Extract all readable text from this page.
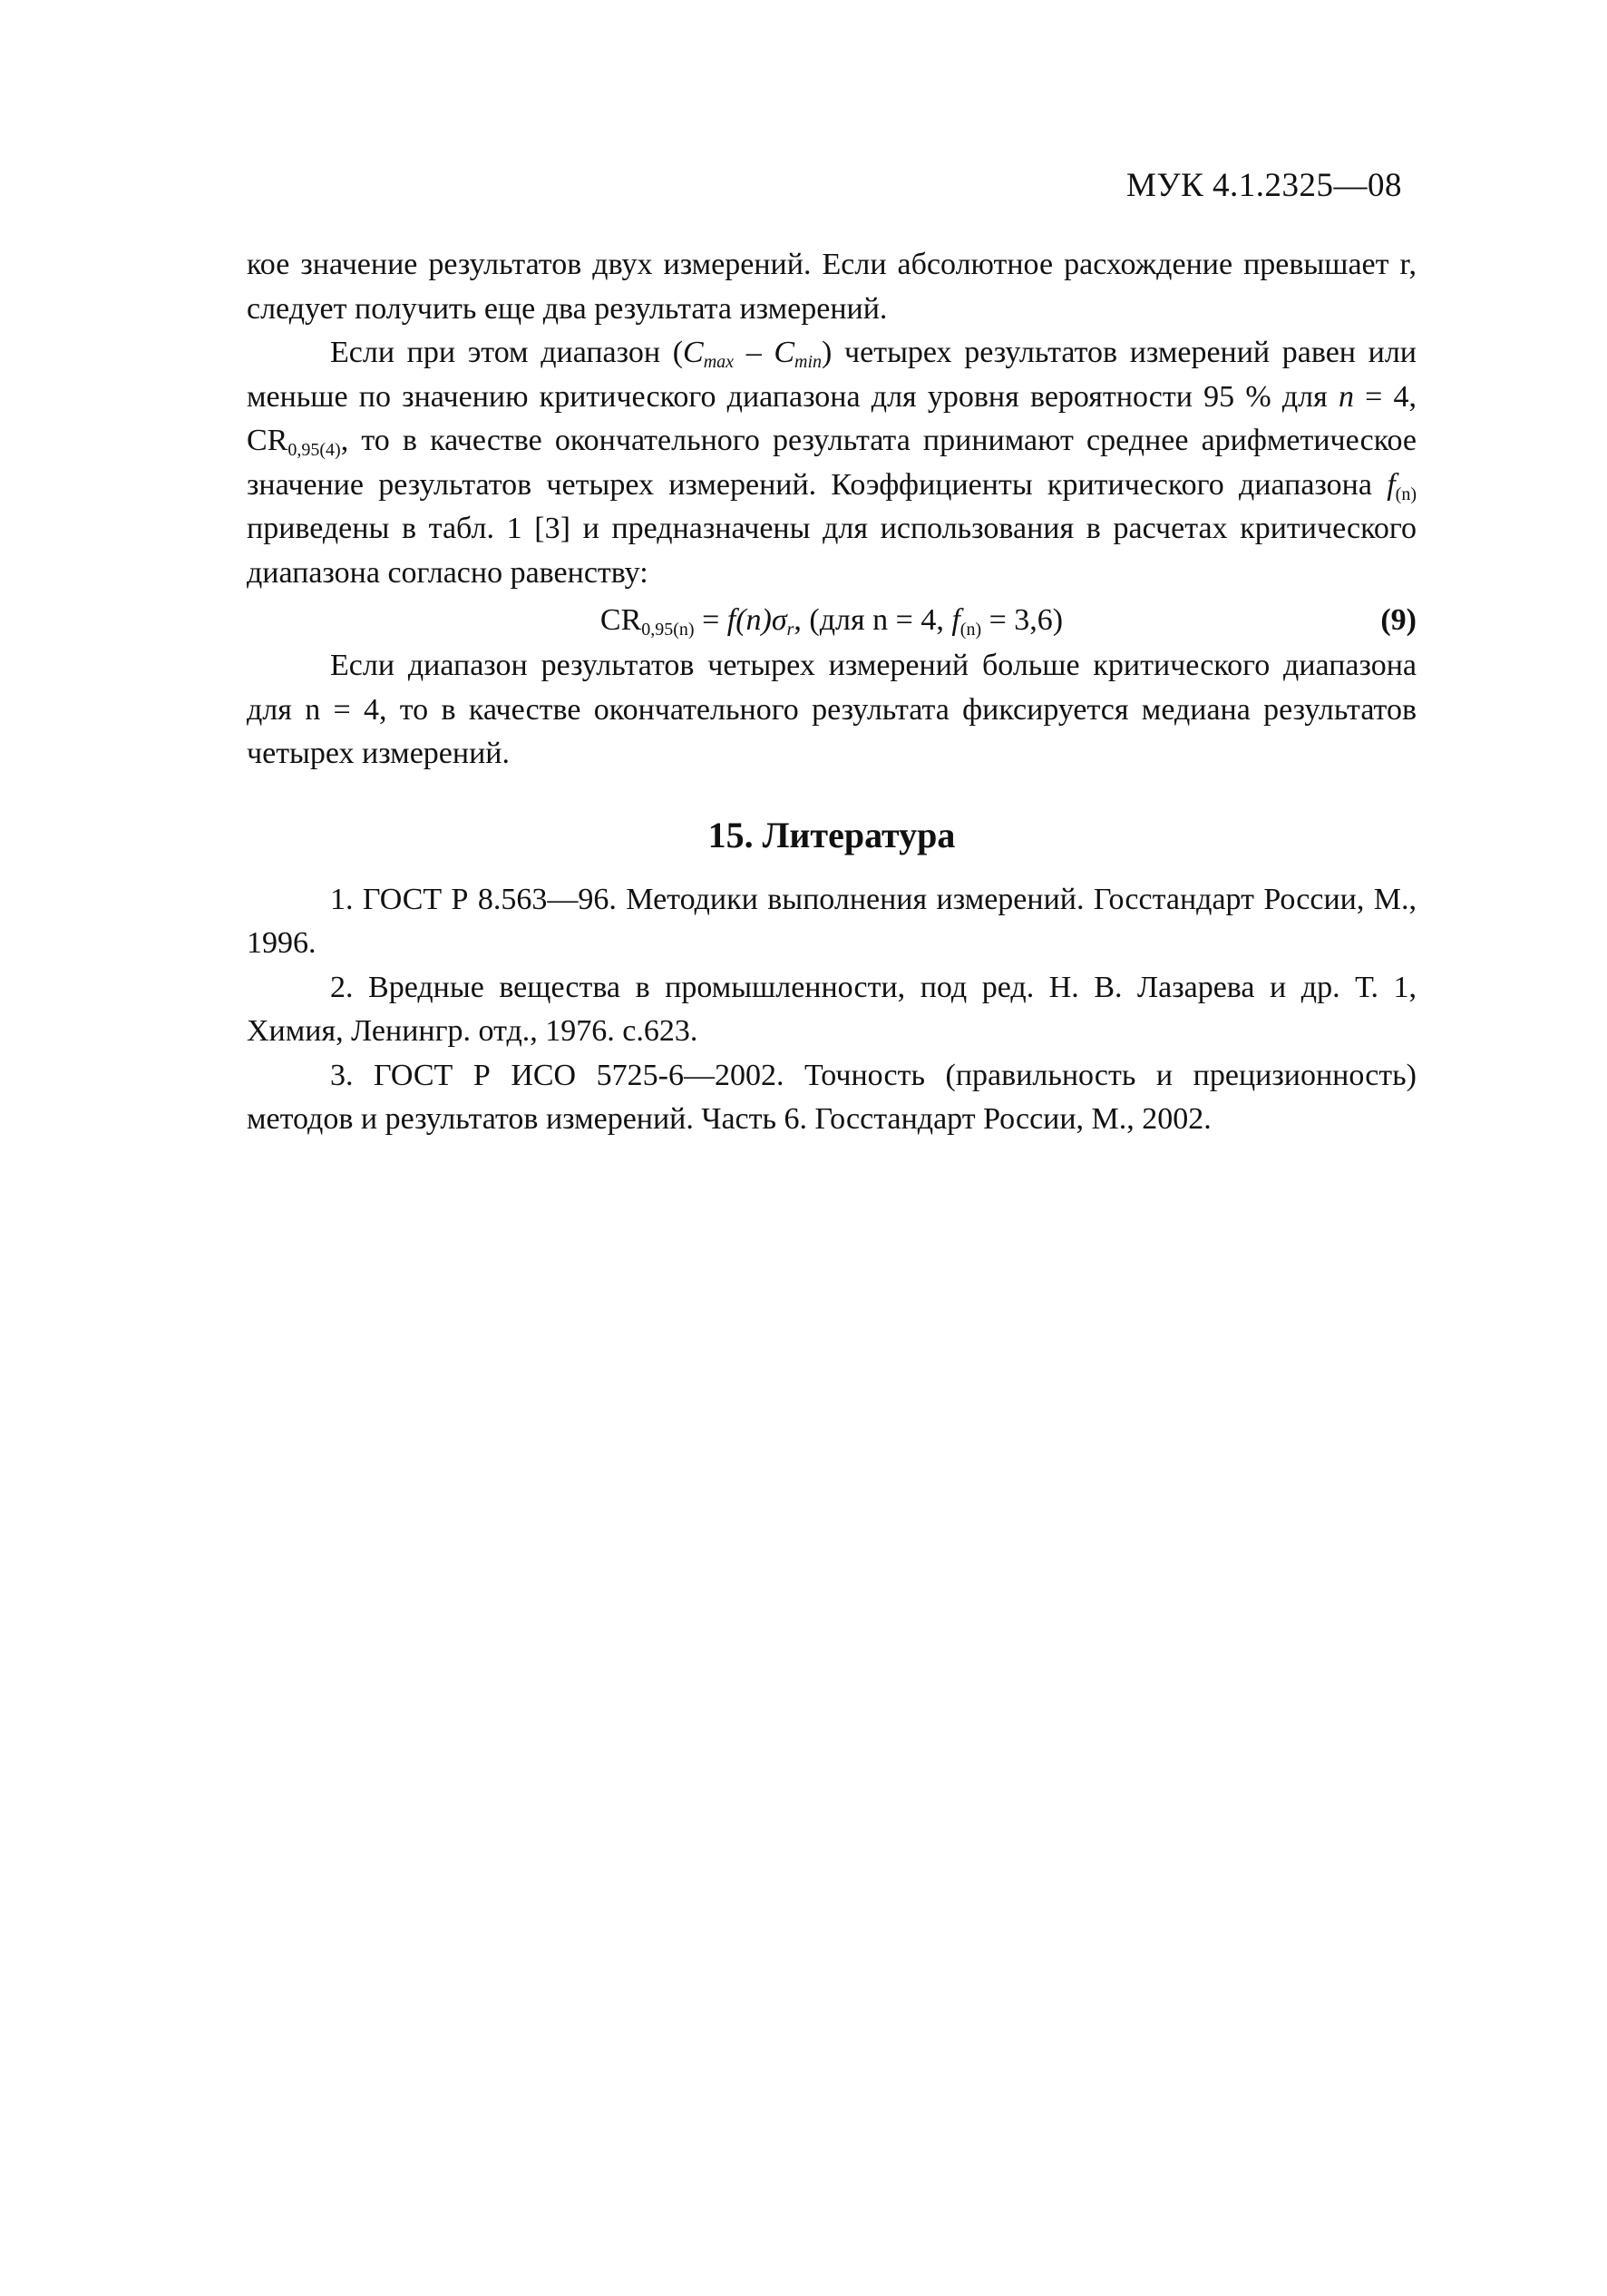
МУК 4.1.2325—08

кое значение результатов двух измерений. Если абсолютное расхождение превышает r, следует получить еще два результата измерений.

Если при этом диапазон $(C_{max} - C_{min})$ четырех результатов измерений равен или меньше по значению критического диапазона для уровня вероятности 95 % для n = 4, $CR_{0,95(4)}$, то в качестве окончательного результата принимают среднее арифметическое значение результатов четырех измерений. Коэффициенты критического диапазона $f_{(n)}$ приведены в табл. 1 [3] и предназначены для использования в расчетах критического диапазона согласно равенству:

$CR_{0,95(n)} = f(n)\sigma_r$, (для n = 4, $f_{(n)} = 3,6$)	(9)

Если диапазон результатов четырех измерений больше критического диапазона для n = 4, то в качестве окончательного результата фиксируется медиана результатов четырех измерений.

15. Литература

1. ГОСТ Р 8.563—96. Методики выполнения измерений. Госстандарт России, М., 1996.

2. Вредные вещества в промышленности, под ред. Н. В. Лазарева и др. Т. 1, Химия, Ленингр. отд., 1976. с.623.

3. ГОСТ Р ИСО 5725-6—2002. Точность (правильность и прецизионность) методов и результатов измерений. Часть 6. Госстандарт России, М., 2002.
